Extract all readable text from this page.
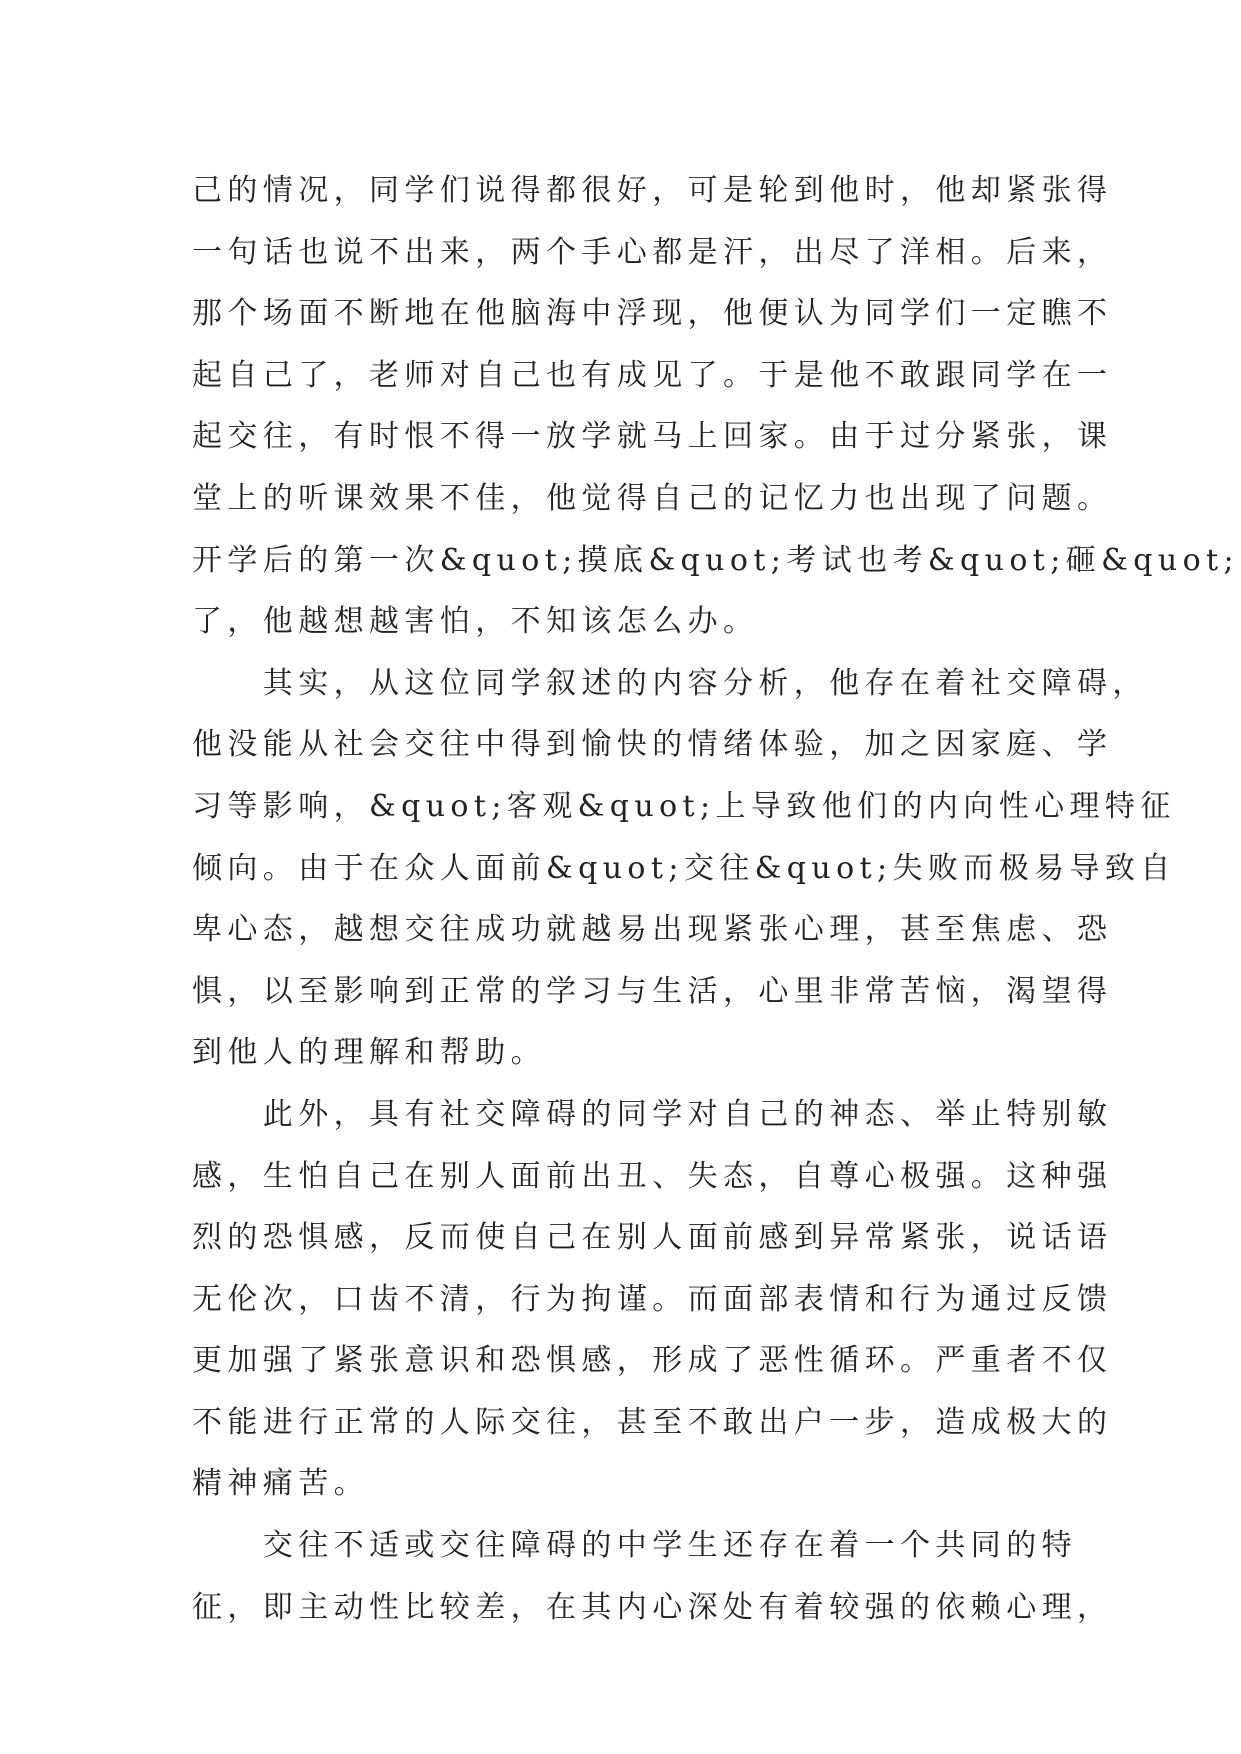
己的情况，同学们说得都很好，可是轮到他时，他却紧张得
一句话也说不出来，两个手心都是汗，出尽了洋相。后来，
那个场面不断地在他脑海中浮现，他便认为同学们一定瞧不
起自己了，老师对自己也有成见了。于是他不敢跟同学在一
起交往，有时恨不得一放学就马上回家。由于过分紧张，课
堂上的听课效果不佳，他觉得自己的记忆力也出现了问题。
开学后的第一次&quot;摸底&quot;考试也考&quot;砸&quot;
了，他越想越害怕，不知该怎么办。
　　其实，从这位同学叙述的内容分析，他存在着社交障碍，
他没能从社会交往中得到愉快的情绪体验，加之因家庭、学
习等影响，&quot;客观&quot;上导致他们的内向性心理特征
倾向。由于在众人面前&quot;交往&quot;失败而极易导致自
卑心态，越想交往成功就越易出现紧张心理，甚至焦虑、恐
惧，以至影响到正常的学习与生活，心里非常苦恼，渴望得
到他人的理解和帮助。
　　此外，具有社交障碍的同学对自己的神态、举止特别敏
感，生怕自己在别人面前出丑、失态，自尊心极强。这种强
烈的恐惧感，反而使自己在别人面前感到异常紧张，说话语
无伦次，口齿不清，行为拘谨。而面部表情和行为通过反馈
更加强了紧张意识和恐惧感，形成了恶性循环。严重者不仅
不能进行正常的人际交往，甚至不敢出户一步，造成极大的
精神痛苦。
　　交往不适或交往障碍的中学生还存在着一个共同的特
征，即主动性比较差，在其内心深处有着较强的依赖心理，
